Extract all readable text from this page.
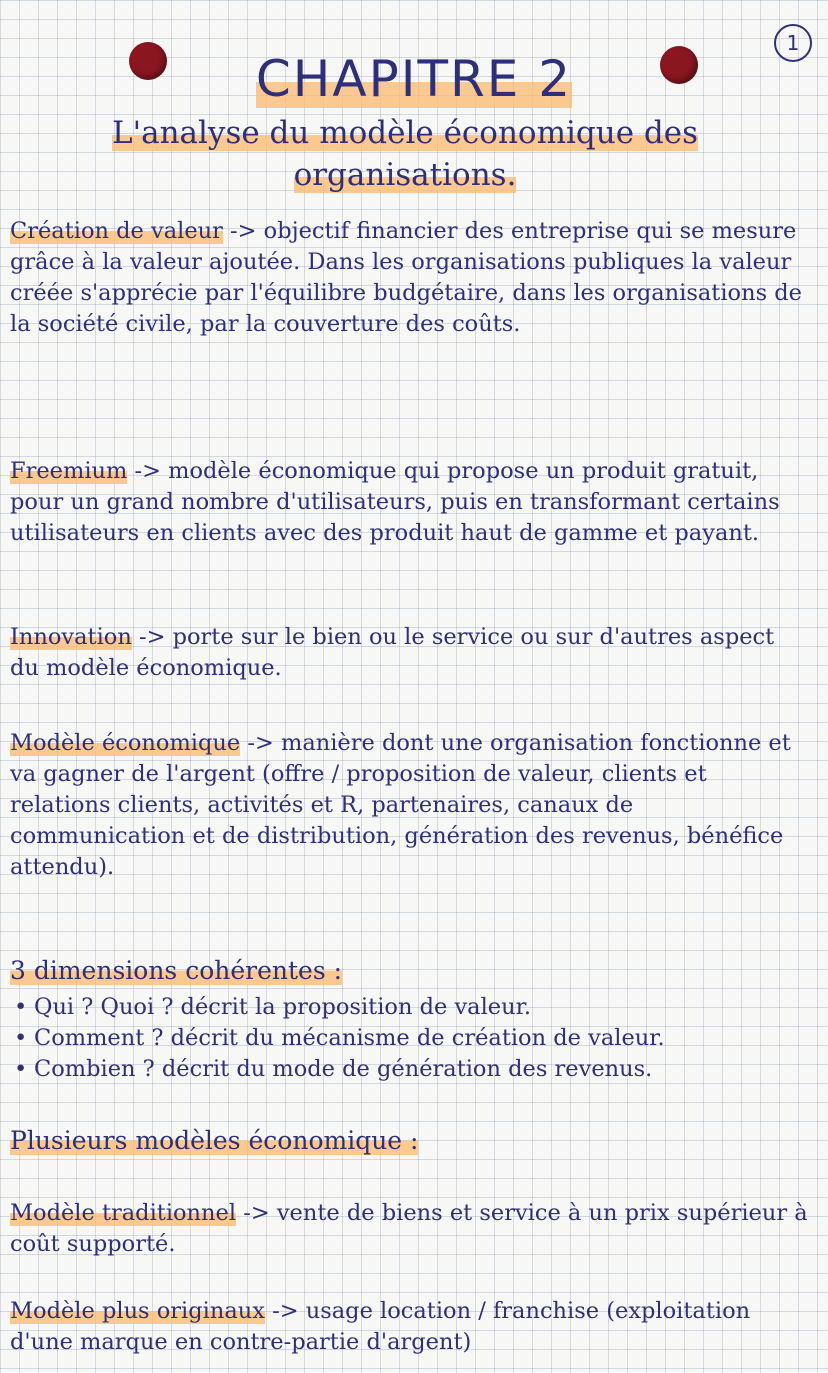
1
CHAPITRE 2
L'analyse du modèle économique des
organisations.
Création de valeur -> objectif financier des entreprise qui se mesure grâce à la valeur ajoutée. Dans les organisations publiques la valeur créée s'apprécie par l'équilibre budgétaire, dans les organisations de la société civile, par la couverture des coûts.
Freemium -> modèle économique qui propose un produit gratuit, pour un grand nombre d'utilisateurs, puis en transformant certains utilisateurs en clients avec des produit haut de gamme et payant.
Innovation -> porte sur le bien ou le service ou sur d'autres aspect du modèle économique.
Modèle économique -> manière dont une organisation fonctionne et va gagner de l'argent (offre / proposition de valeur, clients et relations clients, activités et R, partenaires, canaux de communication et de distribution, génération des revenus, bénéfice attendu).
3 dimensions cohérentes :
• Qui ? Quoi ? décrit la proposition de valeur.
• Comment ? décrit du mécanisme de création de valeur.
• Combien ? décrit du mode de génération des revenus.
Plusieurs modèles économique :
Modèle traditionnel -> vente de biens et service à un prix supérieur à coût supporté.
Modèle plus originaux -> usage location / franchise (exploitation d'une marque en contre-partie d'argent)
